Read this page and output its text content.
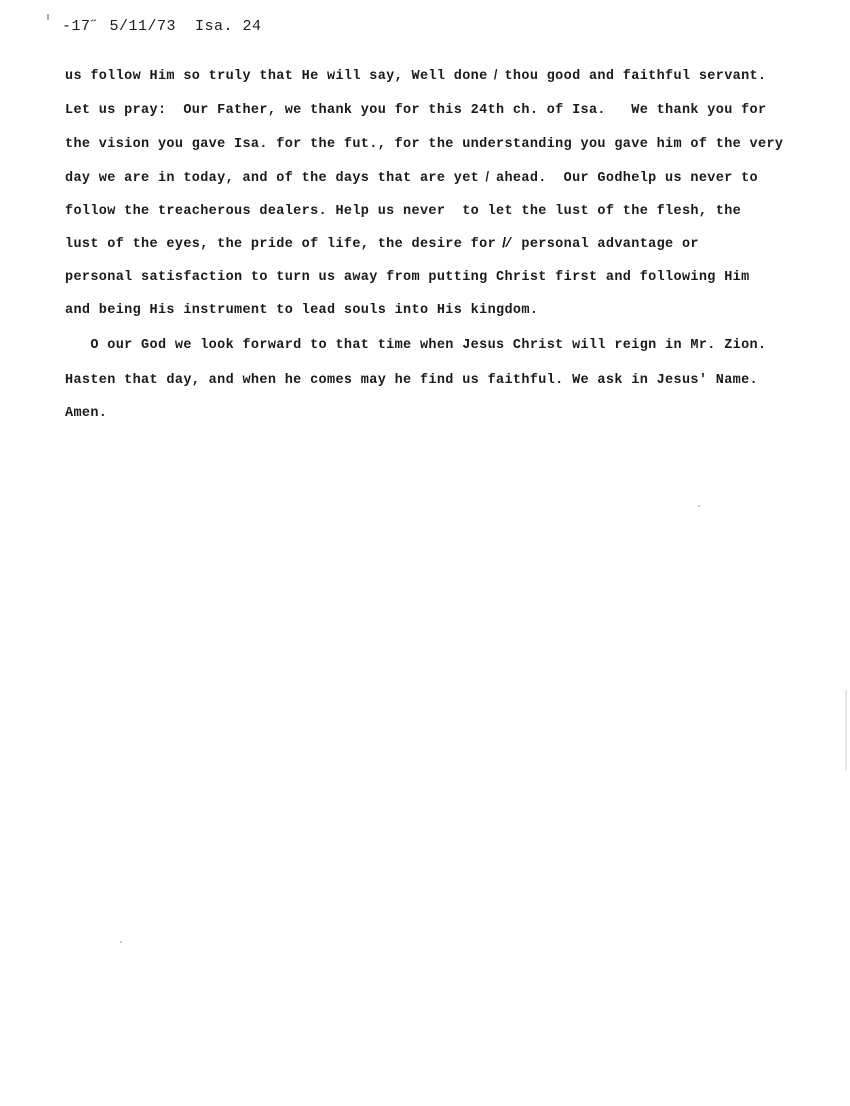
-17˝ 5/11/73  Isa. 24
us follow Him so truly that He will say, Well done ̸ thou good and faithful servant.
Let us pray:  Our Father, we thank you for this 24th ch. of Isa.   We thank you for
the vision you gave Isa. for the fut., for the understanding you gave him of the very
day we are in today, and of the days that are yet ̸ ahead.  Our Godhelp us never to
follow the treacherous dealers. Help us never  to let the lust of the flesh, the
lust of the eyes, the pride of life, the desire for ̸̸̸̸̸̸/ personal advantage or
personal satisfaction to turn us away from putting Christ first and following Him
and being His instrument to lead souls into His kingdom.
O our God we look forward to that time when Jesus Christ will reign in Mr. Zion.
Hasten that day, and when he comes may he find us faithful. We ask in Jesus' Name.
Amen.
